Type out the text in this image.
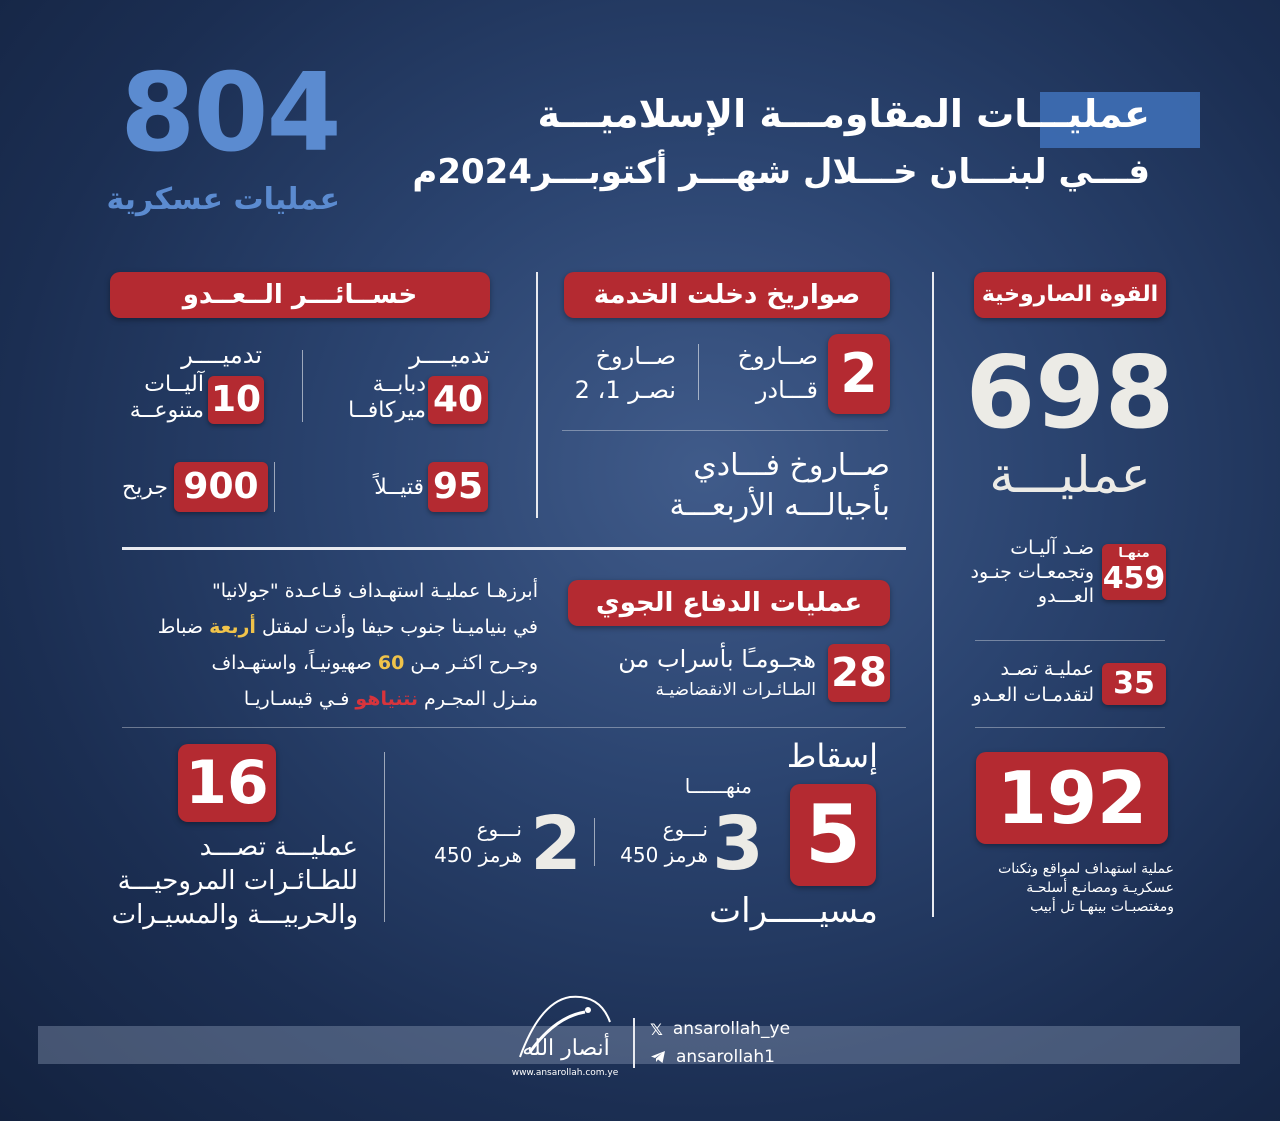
804
عمليات عسكرية
عمليـــات المقاومـــة الإسلاميـــة
فـــي لبنـــان خـــلال شهـــر أكتوبـــر2024م
القوة الصاروخية
698
عمليـــة
منهـا
459
ضـد آليـات
وتجمعـات جنـود
العـــدو
35
عمليـة تصـد
لتقدمـات العـدو
192
عملية استهداف لمواقع وثكنات
عسكريـة ومصانـع أسلحـة
ومغتصبـات بينهـا تل أبيب
صواريخ دخلت الخدمة
2
صــاروخ
قـــادر
صــاروخ
نصـر 1، 2
صــاروخ فـــادي
بأجيالـــه الأربعـــة
خســائـــر الــعــدو
تدميــــر
40
دبابــة
ميركافــا
تدميــــر
10
آليــات
متنوعــة
95
قتيــلاً
900
جريح
عمليات الدفاع الجوي
28
هجـومـًا بأسراب من
الطـائـرات الانقضاضيـة
أبرزهـا عمليـة استهـداف قـاعـدة "جولانيا"
في بنياميـنا جنوب حيفا وأدت لمقتل أربعة ضباط
وجـرح اكثـر مـن 60 صهيونيـاً، واستهـداف
منـزل المجـرم نتنياهو فـي قيسـاريـا
إسقاط
5
منهــــــا
3
نـــوع
هرمز 450
2
نـــوع
هرمز 450
مسيـــــرات
16
عمليـــة تصـــد
للطـائـرات المروحيـــة
والحربيـــة والمسيـرات
أنصار الله
www.ansarollah.com.ye
𝕏 ansarollah_ye
ansarollah1
